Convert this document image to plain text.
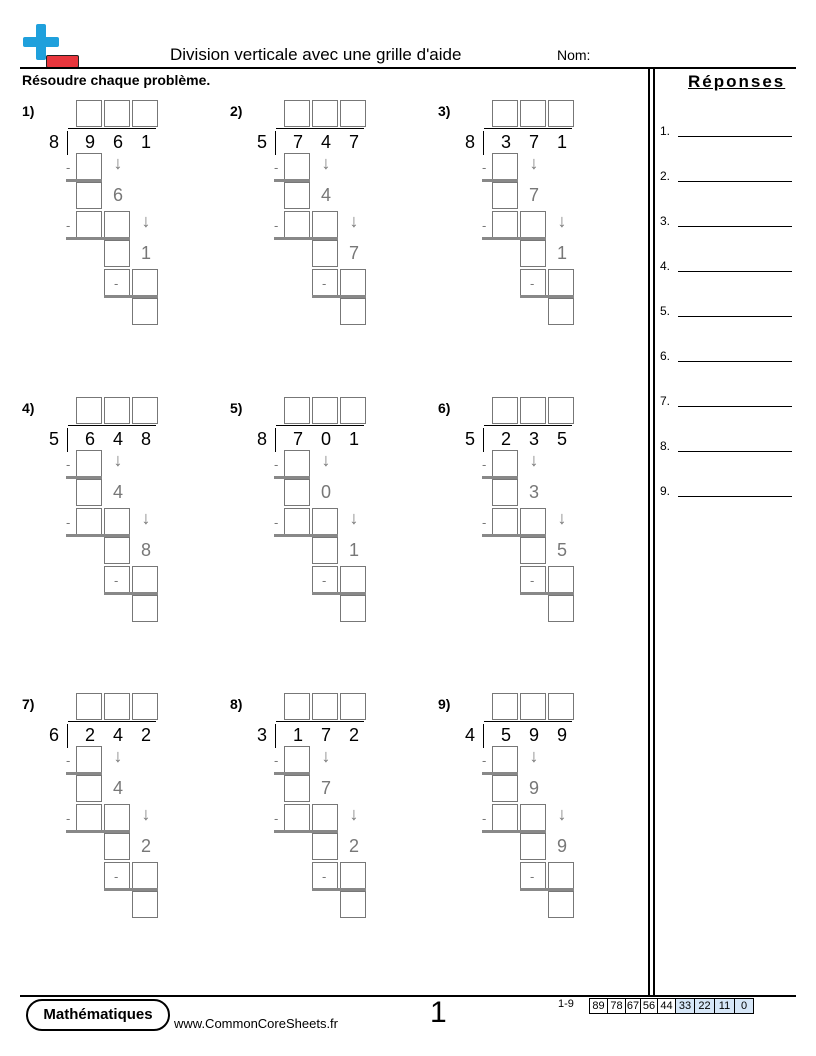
Division verticale avec une grille d'aide	Nom:
Résoudre chaque problème.	Réponses
1.
2.
3.
4.
5.
6.
7.
8.
9.
1)
8 9 6 1
-	↓
6
-	↓
1
-
2)
5 7 4 7
-	↓
4
-	↓
7
-
3)
8 3 7 1
-	↓
7
-	↓
1
-
4)
5 6 4 8
-	↓
4
-	↓
8
-
5)
8 7 0 1
-	↓
0
-	↓
1
-
6)
5 2 3 5
-	↓
3
-	↓
5
-
7)
6 2 4 2
-	↓
4
-	↓
2
-
8)
3 1 7 2
-	↓
7
-	↓
2
-
9)
4 5 9 9
-	↓
9
-	↓
9
-
Mathématiques
www.CommonCoreSheets.fr	1	1-9	89 78 67 56 44 33 22 11 0
